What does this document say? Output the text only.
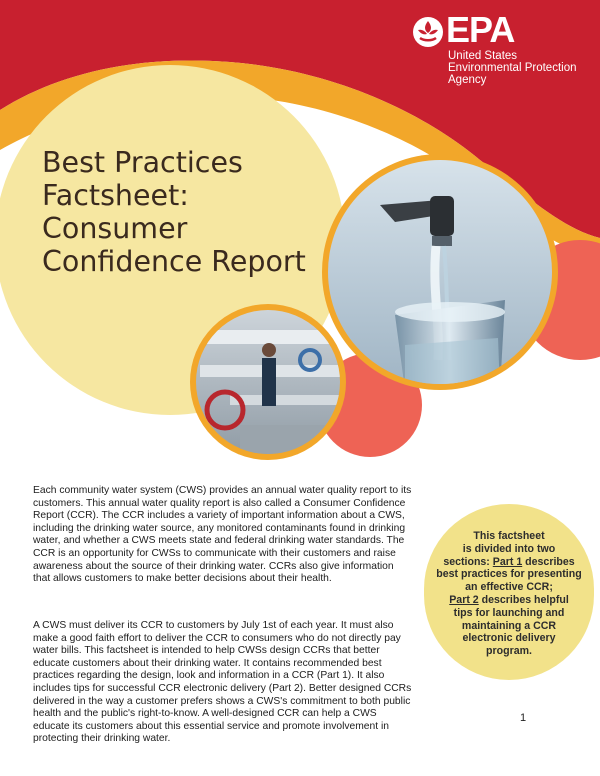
EPA
United States
Environmental Protection
Agency
Best Practices
Factsheet:
Consumer
Confidence Report

Each community water system (CWS) provides an annual water quality report to its customers. This annual water quality report is also called a Consumer Confidence Report (CCR). The CCR includes a variety of important information about a CWS, including the drinking water source, any monitored contaminants found in drinking water, and whether a CWS meets state and federal drinking water standards. The CCR is an opportunity for CWSs to communicate with their customers and raise awareness about the source of their drinking water. CCRs also give information that allows customers to make better decisions about their health.

A CWS must deliver its CCR to customers by July 1st of each year. It must also make a good faith effort to deliver the CCR to consumers who do not directly pay water bills. This factsheet is intended to help CWSs design CCRs that better educate customers about their drinking water. It contains recommended best practices regarding the design, look and information in a CCR (Part 1). It also includes tips for successful CCR electronic delivery (Part 2). Better designed CCRs delivered in the way a customer prefers shows a CWS's commitment to both public health and the public's right-to-know. A well-designed CCR can help a CWS educate its customers about this essential service and promote involvement in protecting their drinking water.

This factsheet
is divided into two
sections: Part 1 describes
best practices for presenting
an effective CCR;
Part 2 describes helpful
tips for launching and
maintaining a CCR
electronic delivery
program.
1
